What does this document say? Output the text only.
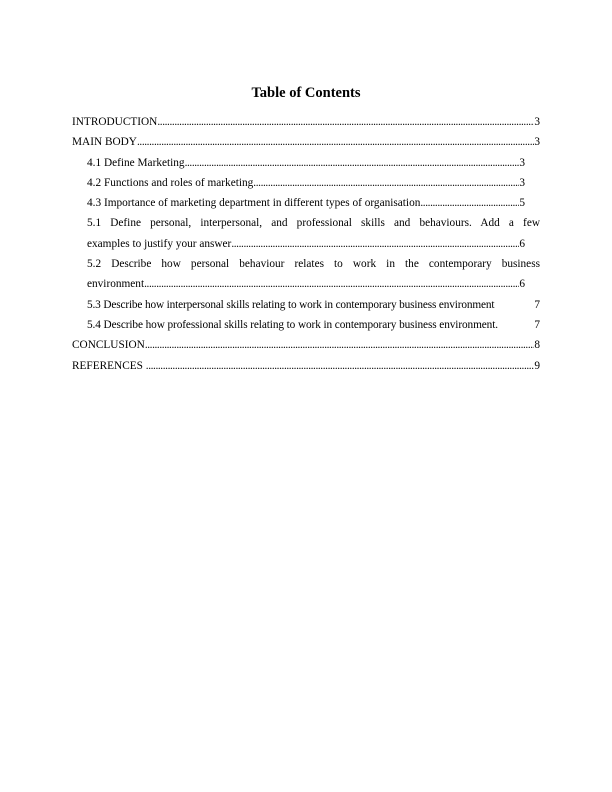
Table of Contents
INTRODUCTION .....	3
MAIN BODY .....	3
4.1 Define Marketing .....	3
4.2 Functions and roles of marketing .....	3
4.3 Importance of marketing department in different types of organisation .....	5
5.1 Define personal, interpersonal, and professional skills and behaviours. Add a few
examples to justify your answer .....	6
5.2 Describe how personal behaviour relates to work in the contemporary business
environment .....	6
5.3 Describe how interpersonal skills relating to work in contemporary business environment	7
5.4 Describe how professional skills relating to work in contemporary business environment.	7
CONCLUSION .....	8
REFERENCES .....	9
